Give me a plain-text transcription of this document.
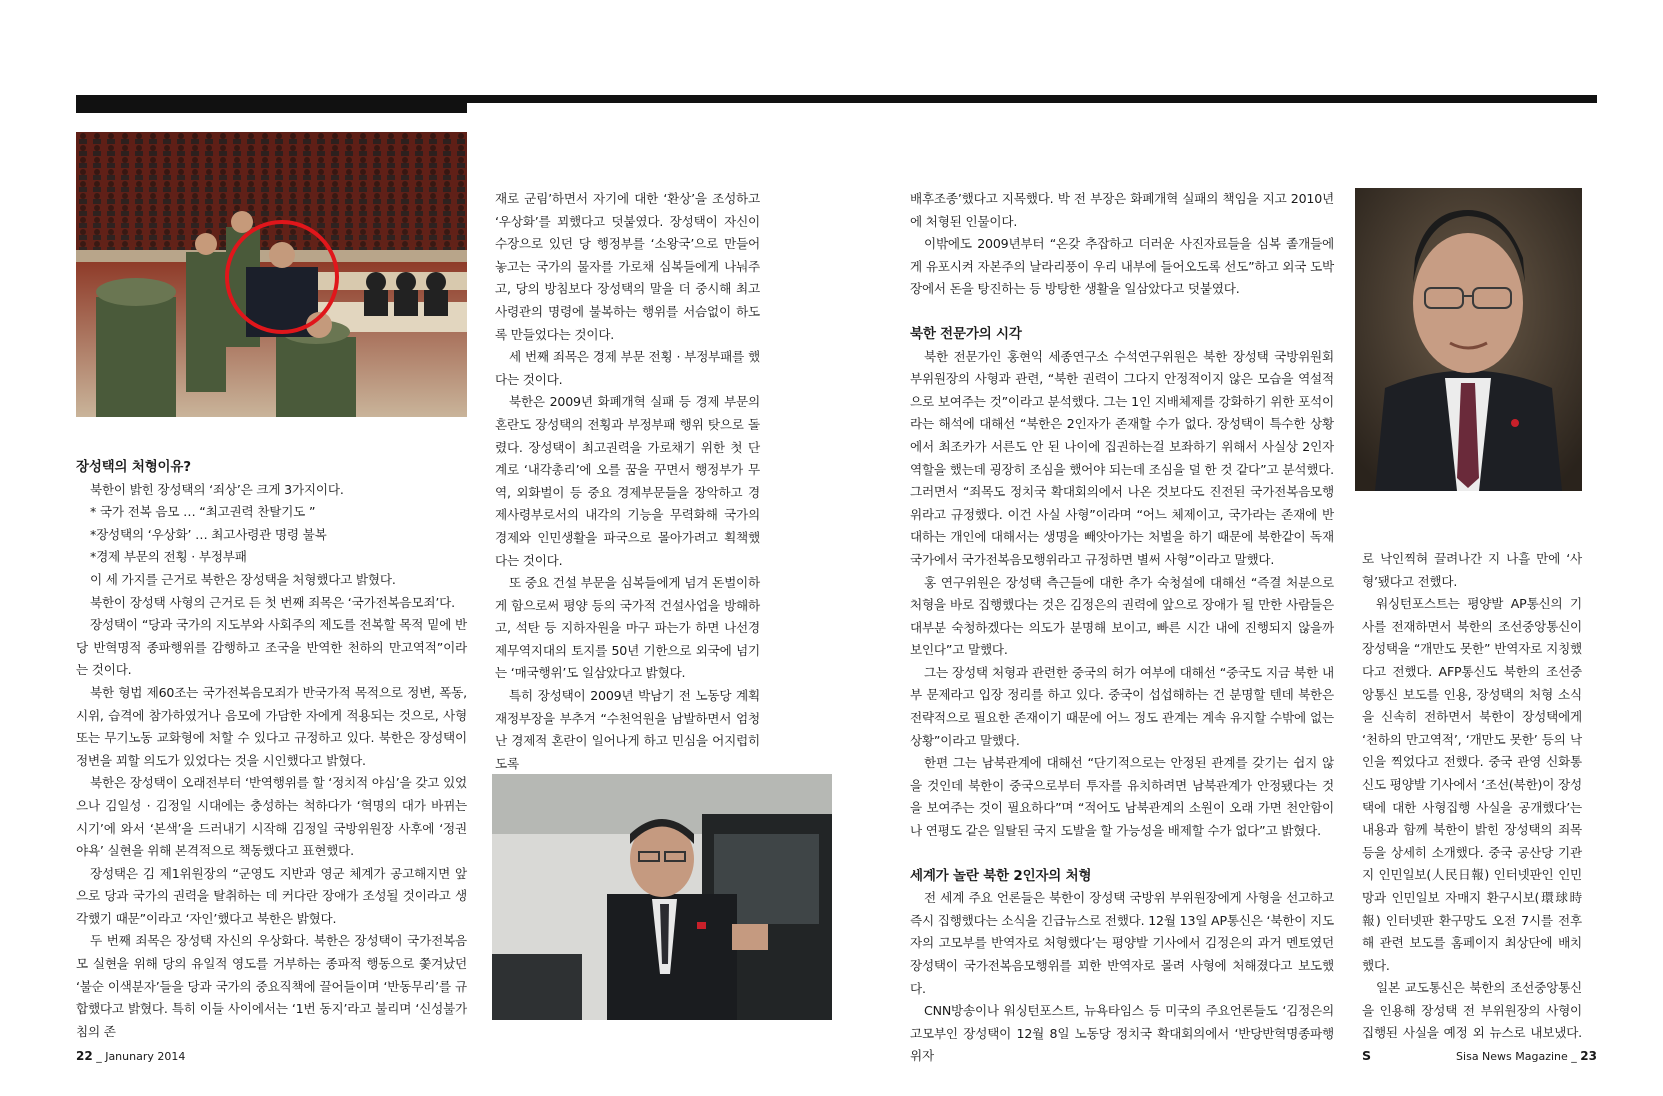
장성택의 처형이유?

북한이 밝힌 장성택의 ‘죄상’은 크게 3가지이다.

* 국가 전복 음모 … “최고권력 찬탈기도 ”

*장성택의 ‘우상화’ … 최고사령관 명령 불복

*경제 부문의 전횡 · 부정부패

이 세 가지를 근거로 북한은 장성택을 처형했다고 밝혔다.

북한이 장성택 사형의 근거로 든 첫 번째 죄목은 ‘국가전복음모죄’다.

장성택이 “당과 국가의 지도부와 사회주의 제도를 전복할 목적 밑에 반당 반혁명적 종파행위를 감행하고 조국을 반역한 천하의 만고역적”이라는 것이다.

북한 형법 제60조는 국가전복음모죄가 반국가적 목적으로 정변, 폭동, 시위, 습격에 참가하였거나 음모에 가담한 자에게 적용되는 것으로, 사형 또는 무기노동 교화형에 처할 수 있다고 규정하고 있다. 북한은 장성택이 정변을 꾀할 의도가 있었다는 것을 시인했다고 밝혔다.

북한은 장성택이 오래전부터 ‘반역행위를 할 ‘정치적 야심’을 갖고 있었으나 김일성 · 김정일 시대에는 충성하는 척하다가 ‘혁명의 대가 바뀌는 시기’에 와서 ‘본색’을 드러내기 시작해 김정일 국방위원장 사후에 ‘정권야욕’ 실현을 위해 본격적으로 책동했다고 표현했다.

장성택은 김 제1위원장의 “군영도 지반과 영군 체계가 공고해지면 앞으로 당과 국가의 권력을 탈취하는 데 커다란 장애가 조성될 것이라고 생각했기 때문”이라고 ‘자인’했다고 북한은 밝혔다.

두 번째 죄목은 장성택 자신의 우상화다. 북한은 장성택이 국가전복음모 실현을 위해 당의 유일적 영도를 거부하는 종파적 행동으로 쫓겨났던 ‘불순 이색분자’들을 당과 국가의 중요직책에 끌어들이며 ‘반동무리’를 규합했다고 밝혔다. 특히 이들 사이에서는 ‘1번 동지’라고 불리며 ‘신성불가침의 존

재로 군림’하면서 자기에 대한 ‘환상’을 조성하고 ‘우상화’를 꾀했다고 덧붙였다. 장성택이 자신이 수장으로 있던 당 행정부를 ‘소왕국’으로 만들어놓고는 국가의 물자를 가로채 심복들에게 나눠주고, 당의 방침보다 장성택의 말을 더 중시해 최고사령관의 명령에 불복하는 행위를 서슴없이 하도록 만들었다는 것이다.

세 번째 죄목은 경제 부문 전횡 · 부정부패를 했다는 것이다.

북한은 2009년 화폐개혁 실패 등 경제 부문의 혼란도 장성택의 전횡과 부정부패 행위 탓으로 돌렸다. 장성택이 최고권력을 가로채기 위한 첫 단계로 ‘내각총리’에 오를 꿈을 꾸면서 행정부가 무역, 외화벌이 등 중요 경제부문들을 장악하고 경제사령부로서의 내각의 기능을 무력화해 국가의 경제와 인민생활을 파국으로 몰아가려고 획책했다는 것이다.

또 중요 건설 부문을 심복들에게 넘겨 돈벌이하게 함으로써 평양 등의 국가적 건설사업을 방해하고, 석탄 등 지하자원을 마구 파는가 하면 나선경제무역지대의 토지를 50년 기한으로 외국에 넘기는 ‘매국행위’도 일삼았다고 밝혔다.

특히 장성택이 2009년 박남기 전 노동당 계획재정부장을 부추겨 “수천억원을 남발하면서 엄청난 경제적 혼란이 일어나게 하고 민심을 어지럽히도록

배후조종’했다고 지목했다. 박 전 부장은 화폐개혁 실패의 책임을 지고 2010년에 처형된 인물이다.

이밖에도 2009년부터 “온갖 추잡하고 더러운 사진자료들을 심복 졸개들에게 유포시켜 자본주의 날라리풍이 우리 내부에 들어오도록 선도”하고 외국 도박장에서 돈을 탕진하는 등 방탕한 생활을 일삼았다고 덧붙였다.

북한 전문가의 시각

북한 전문가인 홍현익 세종연구소 수석연구위원은 북한 장성택 국방위원회 부위원장의 사형과 관련, “북한 권력이 그다지 안정적이지 않은 모습을 역설적으로 보여주는 것”이라고 분석했다. 그는 1인 지배체제를 강화하기 위한 포석이라는 해석에 대해선 “북한은 2인자가 존재할 수가 없다. 장성택이 특수한 상황에서 최조카가 서른도 안 된 나이에 집권하는걸 보좌하기 위해서 사실상 2인자 역할을 했는데 굉장히 조심을 했어야 되는데 조심을 덜 한 것 같다”고 분석했다. 그러면서 “죄목도 정치국 확대회의에서 나온 것보다도 진전된 국가전복음모행위라고 규정했다. 이건 사실 사형”이라며 “어느 체제이고, 국가라는 존재에 반대하는 개인에 대해서는 생명을 빼앗아가는 처벌을 하기 때문에 북한같이 독재 국가에서 국가전복음모행위라고 규정하면 별써 사형”이라고 말했다.

홍 연구위원은 장성택 측근들에 대한 추가 숙청설에 대해선 “즉결 처분으로 처형을 바로 집행했다는 것은 김정은의 권력에 앞으로 장애가 될 만한 사람들은 대부분 숙청하겠다는 의도가 분명해 보이고, 빠른 시간 내에 진행되지 않을까 보인다”고 말했다.

그는 장성택 처형과 관련한 중국의 허가 여부에 대해선 “중국도 지금 북한 내부 문제라고 입장 정리를 하고 있다. 중국이 섭섭해하는 건 분명할 텐데 북한은 전략적으로 필요한 존재이기 때문에 어느 정도 관계는 계속 유지할 수밖에 없는 상황”이라고 말했다.

한편 그는 남북관계에 대해선 “단기적으로는 안정된 관계를 갖기는 쉽지 않을 것인데 북한이 중국으로부터 투자를 유치하려면 남북관계가 안정됐다는 것을 보여주는 것이 필요하다”며 “적어도 남북관계의 소원이 오래 가면 천안함이나 연평도 같은 일탈된 국지 도발을 할 가능성을 배제할 수가 없다”고 밝혔다.

세계가 놀란 북한 2인자의 처형

전 세계 주요 언론들은 북한이 장성택 국방위 부위원장에게 사형을 선고하고 즉시 집행했다는 소식을 긴급뉴스로 전했다. 12월 13일 AP통신은 ‘북한이 지도자의 고모부를 반역자로 처형했다’는 평양발 기사에서 김정은의 과거 멘토였던 장성택이 국가전복음모행위를 꾀한 반역자로 몰려 사형에 처해졌다고 보도했다.

CNN방송이나 워싱턴포스트, 뉴욕타임스 등 미국의 주요언론들도 ‘김정은의 고모부인 장성택이 12월 8일 노동당 정치국 확대회의에서 ‘반당반혁명종파행위자

로 낙인찍혀 끌려나간 지 나흘 만에 ‘사형’됐다고 전했다.

워싱턴포스트는 평양발 AP통신의 기사를 전재하면서 북한의 조선중앙통신이 장성택을 “개만도 못한” 반역자로 지칭했다고 전했다. AFP통신도 북한의 조선중앙통신 보도를 인용, 장성택의 처형 소식을 신속히 전하면서 북한이 장성택에게 ‘천하의 만고역적’, ‘개만도 못한’ 등의 낙인을 찍었다고 전했다. 중국 관영 신화통신도 평양발 기사에서 ‘조선(북한)이 장성택에 대한 사형집행 사실을 공개했다’는 내용과 함께 북한이 밝힌 장성택의 죄목 등을 상세히 소개했다. 중국 공산당 기관지 인민일보(人民日報) 인터넷판인 인민망과 인민일보 자매지 환구시보(環球時報) 인터넷판 환구망도 오전 7시를 전후해 관련 보도를 홈페이지 최상단에 배치했다.

일본 교도통신은 북한의 조선중앙통신을 인용해 장성택 전 부위원장의 사형이 집행된 사실을 예정 외 뉴스로 내보냈다. S

22 _ Janunary 2014	Sisa News Magazine _ 23
